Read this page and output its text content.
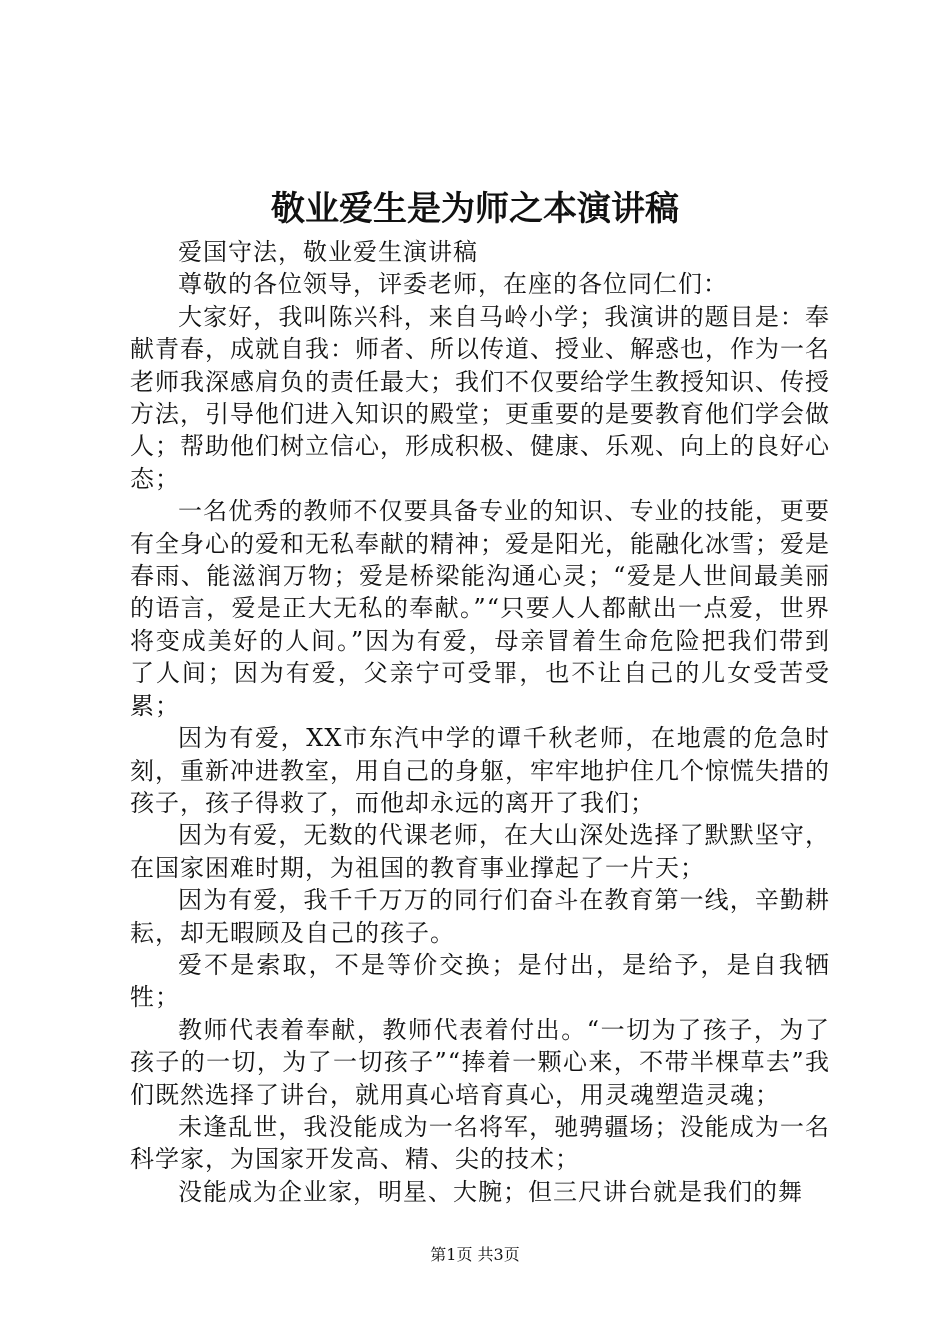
敬业爱生是为师之本演讲稿

爱国守法，敬业爱生演讲稿

尊敬的各位领导，评委老师，在座的各位同仁们：

大家好，我叫陈兴科，来自马岭小学；我演讲的题目是：奉献青春，成就自我：师者、所以传道、授业、解惑也，作为一名老师我深感肩负的责任最大；我们不仅要给学生教授知识、传授方法，引导他们进入知识的殿堂；更重要的是要教育他们学会做人；帮助他们树立信心，形成积极、健康、乐观、向上的良好心态；

一名优秀的教师不仅要具备专业的知识、专业的技能，更要有全身心的爱和无私奉献的精神；爱是阳光，能融化冰雪；爱是春雨、能滋润万物；爱是桥梁能沟通心灵；“爱是人世间最美丽的语言，爱是正大无私的奉献。”“只要人人都献出一点爱，世界将变成美好的人间。”因为有爱，母亲冒着生命危险把我们带到了人间；因为有爱，父亲宁可受罪，也不让自己的儿女受苦受累；

因为有爱，XX市东汽中学的谭千秋老师，在地震的危急时刻，重新冲进教室，用自己的身躯，牢牢地护住几个惊慌失措的孩子，孩子得救了，而他却永远的离开了我们；

因为有爱，无数的代课老师，在大山深处选择了默默坚守，在国家困难时期，为祖国的教育事业撑起了一片天；

因为有爱，我千千万万的同行们奋斗在教育第一线，辛勤耕耘，却无暇顾及自己的孩子。

爱不是索取，不是等价交换；是付出，是给予，是自我牺牲；

教师代表着奉献，教师代表着付出。“一切为了孩子，为了孩子的一切，为了一切孩子”“捧着一颗心来，不带半棵草去”我们既然选择了讲台，就用真心培育真心，用灵魂塑造灵魂；

未逢乱世，我没能成为一名将军，驰骋疆场；没能成为一名科学家，为国家开发高、精、尖的技术；

没能成为企业家，明星、大腕；但三尺讲台就是我们的舞

第1页 共3页
